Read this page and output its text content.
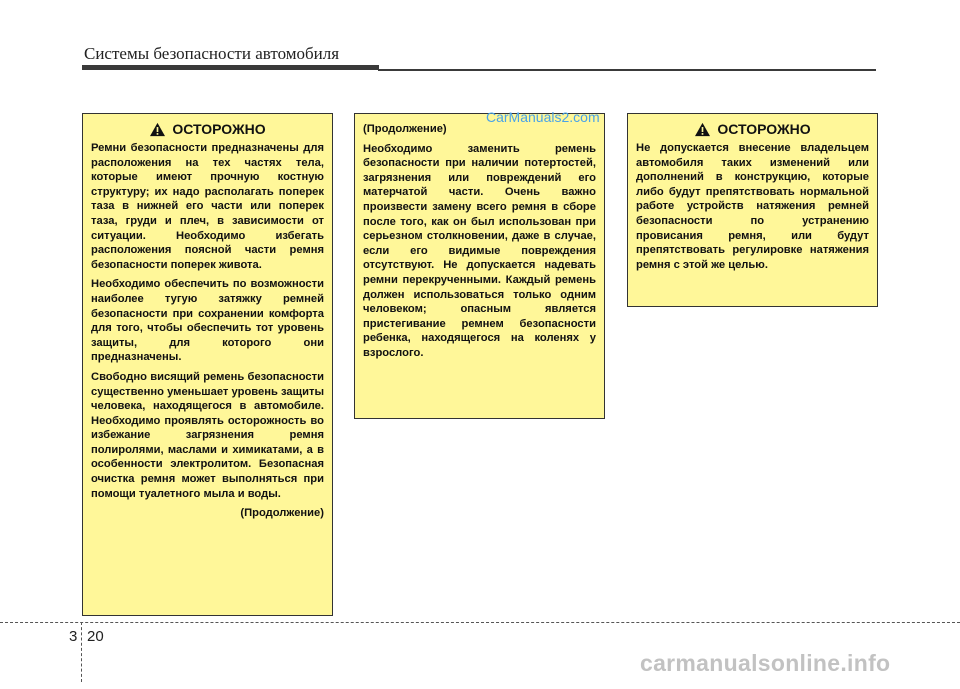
Системы безопасности автомобиля
ОСТОРОЖНО

Ремни безопасности предназначены для расположения на тех частях тела, которые имеют прочную костную структуру; их надо располагать поперек таза в нижней его части или поперек таза, груди и плеч, в зависимости от ситуации. Необходимо избегать расположения поясной части ремня безопасности поперек живота.

Необходимо обеспечить по возможности наиболее тугую затяжку ремней безопасности при сохранении комфорта для того, чтобы обеспечить тот уровень защиты, для которого они предназначены.

Свободно висящий ремень безопасности существенно уменьшает уровень защиты человека, находящегося в автомобиле. Необходимо проявлять осторожность во избежание загрязнения ремня полиролями, маслами и химикатами, а в особенности электролитом. Безопасная очистка ремня может выполняться при помощи туалетного мыла и воды.

(Продолжение)

(Продолжение)

Необходимо заменить ремень безопасности при наличии потертостей, загрязнения или повреждений его матерчатой части. Очень важно произвести замену всего ремня в сборе после того, как он был использован при серьезном столкновении, даже в случае, если его видимые повреждения отсутствуют. Не допускается надевать ремни перекрученными. Каждый ремень должен использоваться только одним человеком; опасным является пристегивание ремнем безопасности ребенка, находящегося на коленях у взрослого.

CarManuals2.com
ОСТОРОЖНО

Не допускается внесение владельцем автомобиля таких изменений или дополнений в конструкцию, которые либо будут препятствовать нормальной работе устройств натяжения ремней безопасности по устранению провисания ремня, или будут препятствовать регулировке натяжения ремня с этой же целью.

3 20
carmanualsonline.info
